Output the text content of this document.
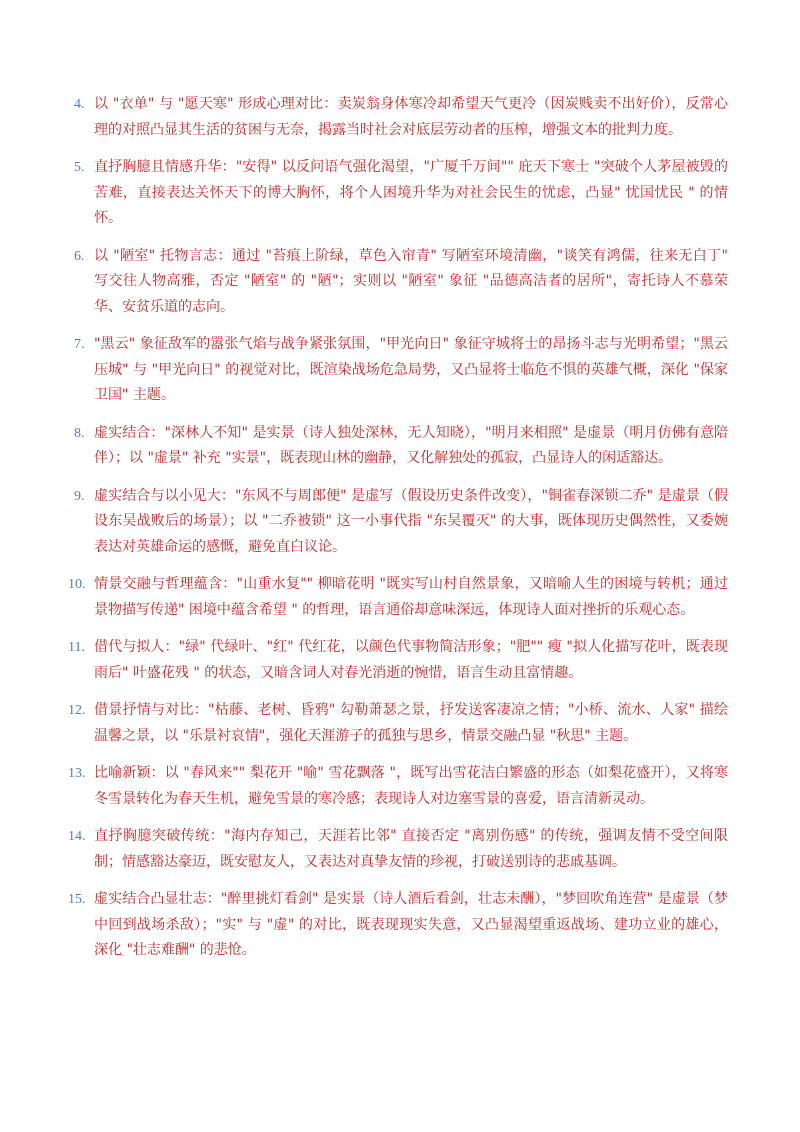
4. 以 "衣单" 与 "愿天寒" 形成心理对比：卖炭翁身体寒冷却希望天气更冷（因炭贱卖不出好价），反常心理的对照凸显其生活的贫困与无奈，揭露当时社会对底层劳动者的压榨，增强文本的批判力度。
5. 直抒胸臆且情感升华："安得" 以反问语气强化渴望，"广厦千万间"" 庇天下寒士 "突破个人茅屋被毁的苦难，直接表达关怀天下的博大胸怀，将个人困境升华为对社会民生的忧虑，凸显" 忧国忧民 " 的情怀。
6. 以 "陋室" 托物言志：通过 "苔痕上阶绿，草色入帘青" 写陋室环境清幽，"谈笑有鸿儒，往来无白丁" 写交往人物高雅，否定 "陋室" 的 "陋"；实则以 "陋室" 象征 "品德高洁者的居所"，寄托诗人不慕荣华、安贫乐道的志向。
7. "黑云" 象征敌军的嚣张气焰与战争紧张氛围，"甲光向日" 象征守城将士的昂扬斗志与光明希望；"黑云压城" 与 "甲光向日" 的视觉对比，既渲染战场危急局势，又凸显将士临危不惧的英雄气概，深化 "保家卫国" 主题。
8. 虚实结合："深林人不知" 是实景（诗人独处深林，无人知晓），"明月来相照" 是虚景（明月仿佛有意陪伴）；以 "虚景" 补充 "实景"，既表现山林的幽静，又化解独处的孤寂，凸显诗人的闲适豁达。
9. 虚实结合与以小见大："东风不与周郎便" 是虚写（假设历史条件改变），"铜雀春深锁二乔" 是虚景（假设东吴战败后的场景）；以 "二乔被锁" 这一小事代指 "东吴覆灭" 的大事，既体现历史偶然性，又委婉表达对英雄命运的感慨，避免直白议论。
10. 情景交融与哲理蕴含："山重水复"" 柳暗花明 "既实写山村自然景象，又暗喻人生的困境与转机；通过景物描写传递" 困境中蕴含希望 " 的哲理，语言通俗却意味深远，体现诗人面对挫折的乐观心态。
11. 借代与拟人："绿" 代绿叶、"红" 代红花，以颜色代事物简洁形象；"肥"" 瘦 "拟人化描写花叶，既表现雨后" 叶盛花残 " 的状态，又暗含词人对春光消逝的惋惜，语言生动且富情趣。
12. 借景抒情与对比："枯藤、老树、昏鸦" 勾勒萧瑟之景，抒发送客凄凉之情；"小桥、流水、人家" 描绘温馨之景，以 "乐景衬哀情"，强化天涯游子的孤独与思乡，情景交融凸显 "秋思" 主题。
13. 比喻新颖：以 "春风来"" 梨花开 "喻" 雪花飘落 "，既写出雪花洁白繁盛的形态（如梨花盛开），又将寒冬雪景转化为春天生机，避免雪景的寒冷感；表现诗人对边塞雪景的喜爱，语言清新灵动。
14. 直抒胸臆突破传统："海内存知己，天涯若比邻" 直接否定 "离别伤感" 的传统，强调友情不受空间限制；情感豁达豪迈，既安慰友人，又表达对真挚友情的珍视，打破送别诗的悲戚基调。
15. 虚实结合凸显壮志："醉里挑灯看剑" 是实景（诗人酒后看剑，壮志未酬），"梦回吹角连营" 是虚景（梦中回到战场杀敌）；"实" 与 "虚" 的对比，既表现现实失意，又凸显渴望重返战场、建功立业的雄心，深化 "壮志难酬" 的悲怆。
